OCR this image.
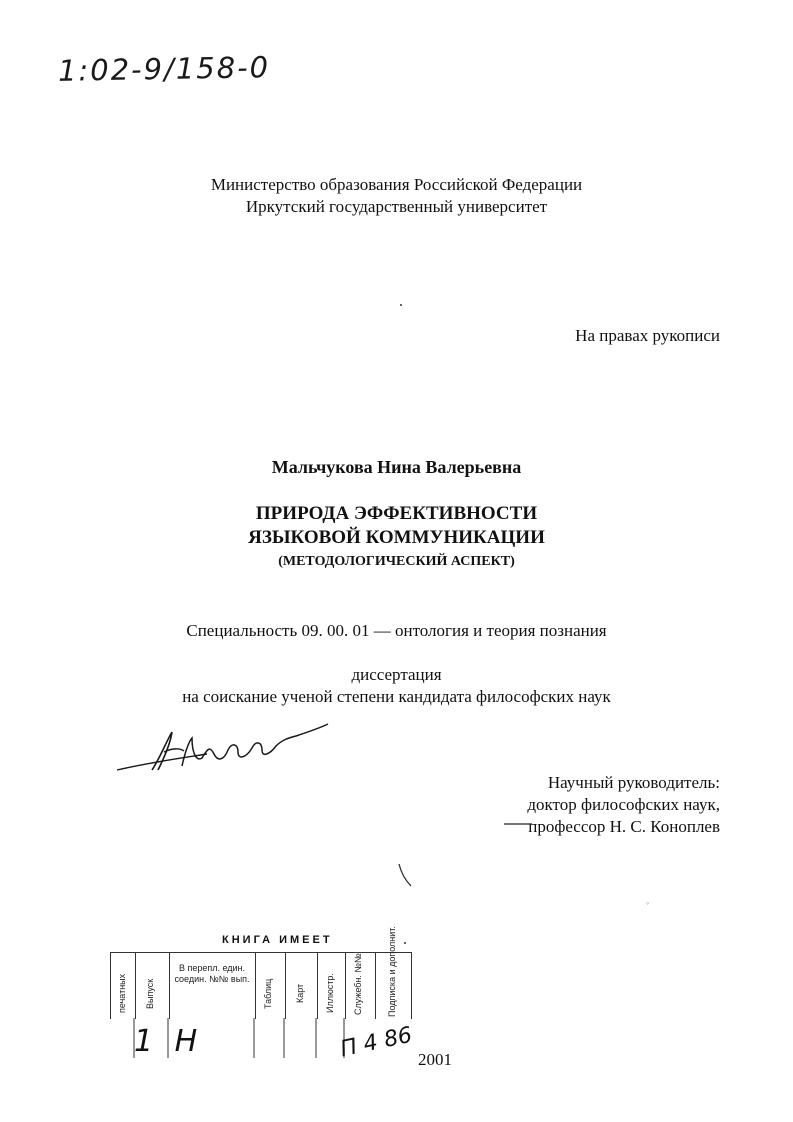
1:02-9/158-0
Министерство образования Российской Федерации
Иркутский государственный университет
На правах рукописи
Мальчукова Нина Валерьевна
ПРИРОДА ЭФФЕКТИВНОСТИ
ЯЗЫКОВОЙ КОММУНИКАЦИИ
(МЕТОДОЛОГИЧЕСКИЙ АСПЕКТ)
Специальность 09. 00. 01 — онтология и теория познания
диссертация
на соискание ученой степени кандидата философских наук
Научный руководитель:
доктор философских наук,
профессор Н. С. Коноплев
◦
КНИГА ИМЕЕТ
печатных Выпуск
В перепл. един. соедин. №№ вып. Таблиц Карт Иллюстр. Служебн. №№	Подписка и дополнит.
1 Н	П 4 86 2001
